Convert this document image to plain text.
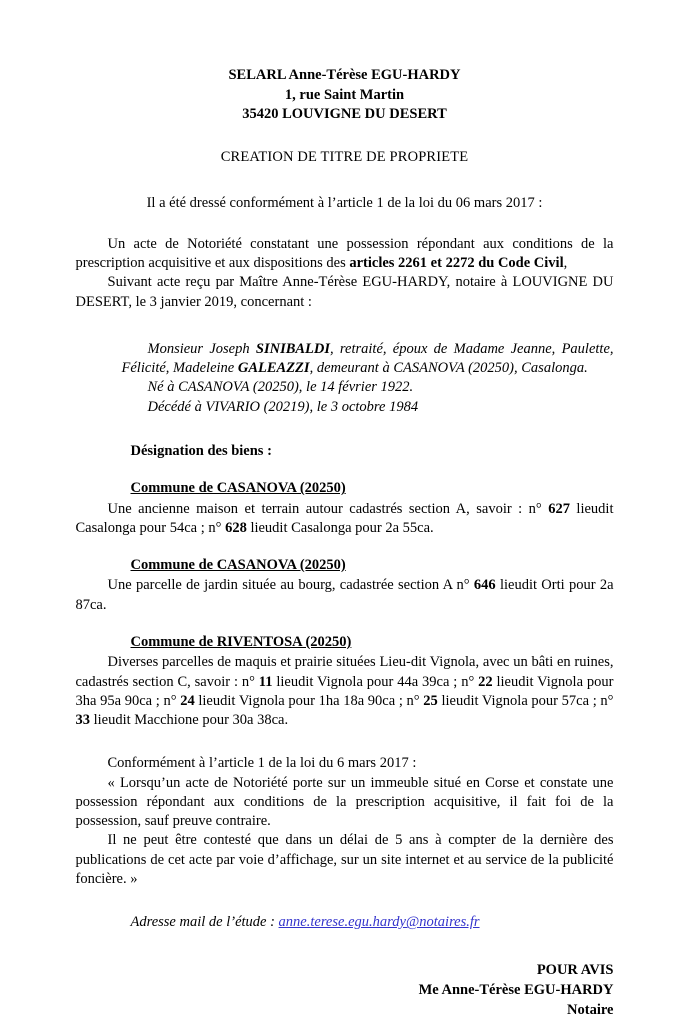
SELARL Anne-Térèse EGU-HARDY
1, rue Saint Martin
35420 LOUVIGNE DU DESERT
CREATION DE TITRE DE PROPRIETE

Il a été dressé conformément à l’article 1 de la loi du 06 mars 2017 :

Un acte de Notoriété constatant une possession répondant aux conditions de la prescription acquisitive et aux dispositions des articles 2261 et 2272 du Code Civil,

Suivant acte reçu par Maître Anne-Térèse EGU-HARDY, notaire à LOUVIGNE DU DESERT, le 3 janvier 2019, concernant :

Monsieur Joseph SINIBALDI, retraité, époux de Madame Jeanne, Paulette, Félicité, Madeleine GALEAZZI, demeurant à CASANOVA (20250), Casalonga.

Né à CASANOVA (20250), le 14 février 1922.

Décédé à VIVARIO (20219), le 3 octobre 1984

Désignation des biens :
Commune de CASANOVA (20250)

Une ancienne maison et terrain autour cadastrés section A, savoir : n° 627 lieudit Casalonga pour 54ca ; n° 628 lieudit Casalonga pour 2a 55ca.

Commune de CASANOVA (20250)

Une parcelle de jardin située au bourg, cadastrée section A n° 646 lieudit Orti pour 2a 87ca.

Commune de RIVENTOSA (20250)

Diverses parcelles de maquis et prairie situées Lieu-dit Vignola, avec un bâti en ruines, cadastrés section C, savoir : n° 11 lieudit Vignola pour 44a 39ca ; n° 22 lieudit Vignola pour 3ha 95a 90ca ; n° 24 lieudit Vignola pour 1ha 18a 90ca ; n° 25 lieudit Vignola pour 57ca ; n° 33 lieudit Macchione pour 30a 38ca.

Conformément à l’article 1 de la loi du 6 mars 2017 :

« Lorsqu’un acte de Notoriété porte sur un immeuble situé en Corse et constate une possession répondant aux conditions de la prescription acquisitive, il fait foi de la possession, sauf preuve contraire.

Il ne peut être contesté que dans un délai de 5 ans à compter de la dernière des publications de cet acte par voie d’affichage, sur un site internet et au service de la publicité foncière. »

Adresse mail de l’étude : anne.terese.egu.hardy@notaires.fr
POUR AVIS
Me Anne-Térèse EGU-HARDY
Notaire
